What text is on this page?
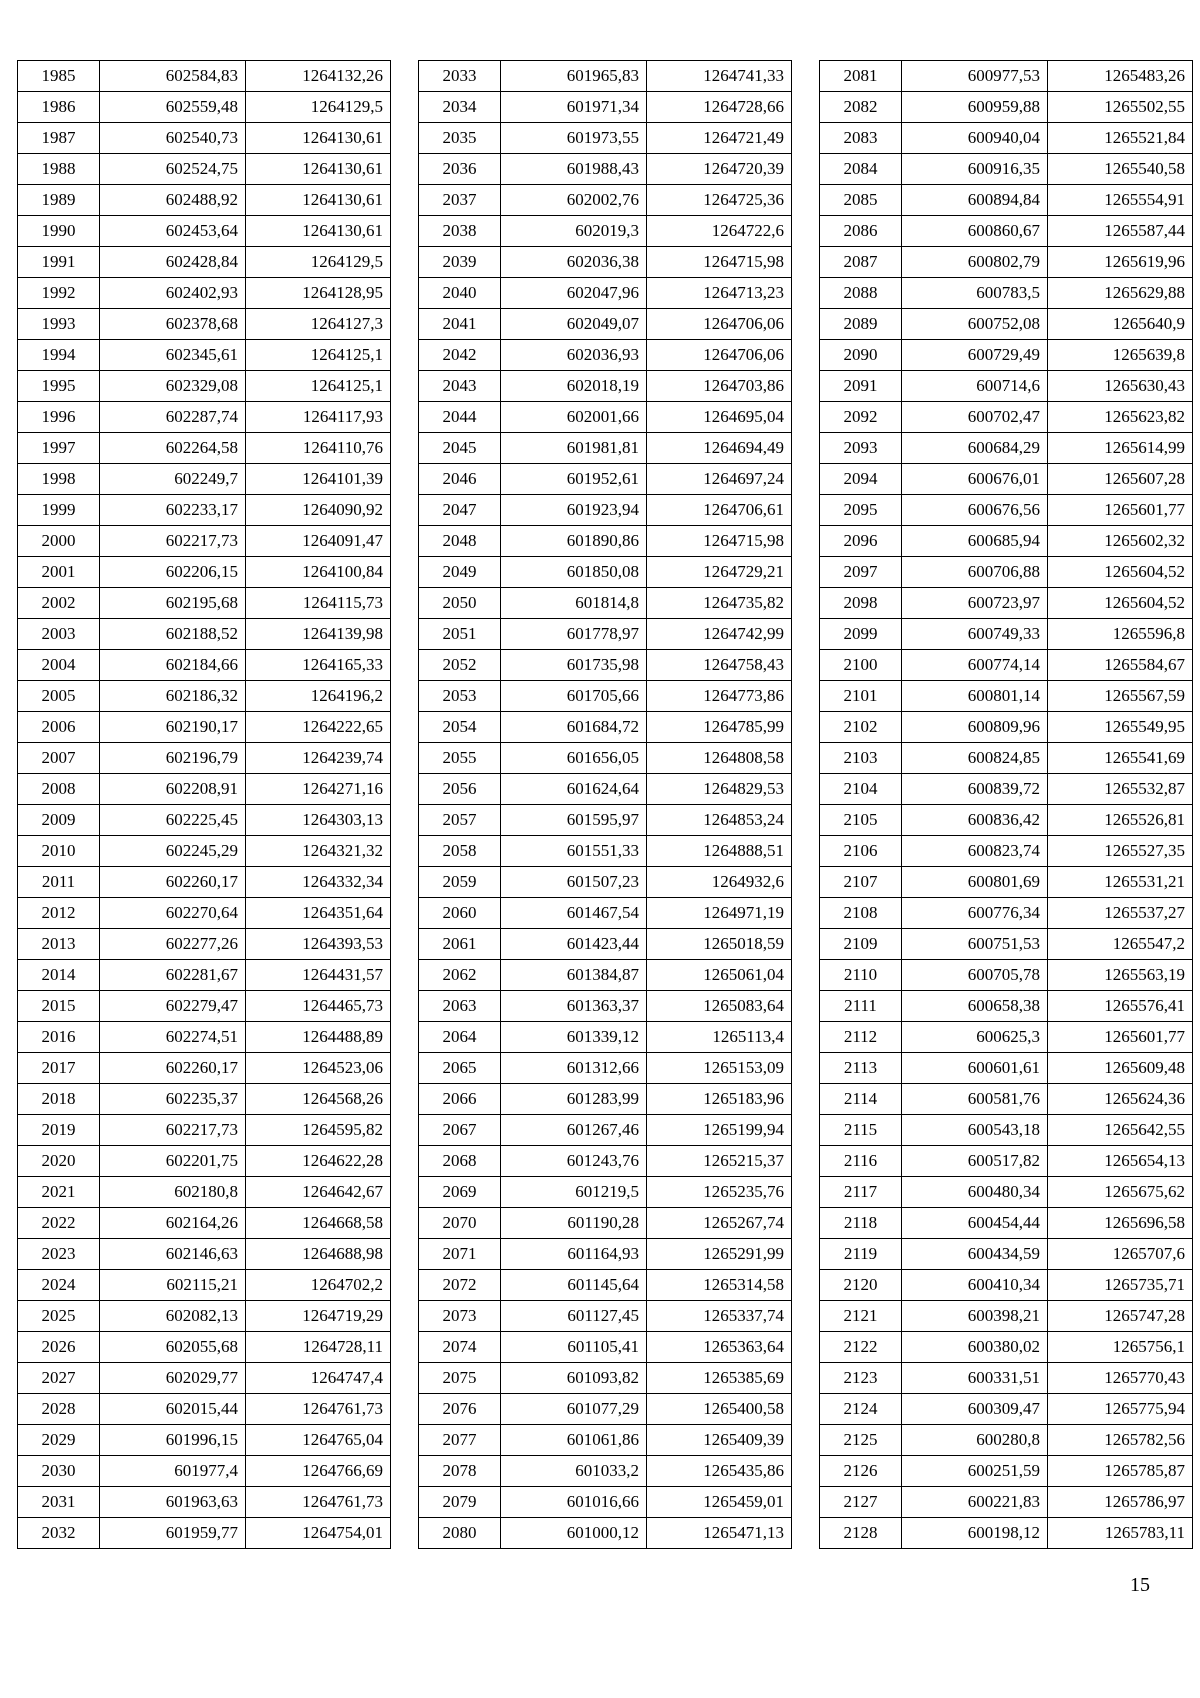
1985	602584,83	1264132,26
1986	602559,48	1264129,5
1987	602540,73	1264130,61
1988	602524,75	1264130,61
1989	602488,92	1264130,61
1990	602453,64	1264130,61
1991	602428,84	1264129,5
1992	602402,93	1264128,95
1993	602378,68	1264127,3
1994	602345,61	1264125,1
1995	602329,08	1264125,1
1996	602287,74	1264117,93
1997	602264,58	1264110,76
1998	602249,7	1264101,39
1999	602233,17	1264090,92
2000	602217,73	1264091,47
2001	602206,15	1264100,84
2002	602195,68	1264115,73
2003	602188,52	1264139,98
2004	602184,66	1264165,33
2005	602186,32	1264196,2
2006	602190,17	1264222,65
2007	602196,79	1264239,74
2008	602208,91	1264271,16
2009	602225,45	1264303,13
2010	602245,29	1264321,32
2011	602260,17	1264332,34
2012	602270,64	1264351,64
2013	602277,26	1264393,53
2014	602281,67	1264431,57
2015	602279,47	1264465,73
2016	602274,51	1264488,89
2017	602260,17	1264523,06
2018	602235,37	1264568,26
2019	602217,73	1264595,82
2020	602201,75	1264622,28
2021	602180,8	1264642,67
2022	602164,26	1264668,58
2023	602146,63	1264688,98
2024	602115,21	1264702,2
2025	602082,13	1264719,29
2026	602055,68	1264728,11
2027	602029,77	1264747,4
2028	602015,44	1264761,73
2029	601996,15	1264765,04
2030	601977,4	1264766,69
2031	601963,63	1264761,73
2032	601959,77	1264754,01
2033	601965,83	1264741,33
2034	601971,34	1264728,66
2035	601973,55	1264721,49
2036	601988,43	1264720,39
2037	602002,76	1264725,36
2038	602019,3	1264722,6
2039	602036,38	1264715,98
2040	602047,96	1264713,23
2041	602049,07	1264706,06
2042	602036,93	1264706,06
2043	602018,19	1264703,86
2044	602001,66	1264695,04
2045	601981,81	1264694,49
2046	601952,61	1264697,24
2047	601923,94	1264706,61
2048	601890,86	1264715,98
2049	601850,08	1264729,21
2050	601814,8	1264735,82
2051	601778,97	1264742,99
2052	601735,98	1264758,43
2053	601705,66	1264773,86
2054	601684,72	1264785,99
2055	601656,05	1264808,58
2056	601624,64	1264829,53
2057	601595,97	1264853,24
2058	601551,33	1264888,51
2059	601507,23	1264932,6
2060	601467,54	1264971,19
2061	601423,44	1265018,59
2062	601384,87	1265061,04
2063	601363,37	1265083,64
2064	601339,12	1265113,4
2065	601312,66	1265153,09
2066	601283,99	1265183,96
2067	601267,46	1265199,94
2068	601243,76	1265215,37
2069	601219,5	1265235,76
2070	601190,28	1265267,74
2071	601164,93	1265291,99
2072	601145,64	1265314,58
2073	601127,45	1265337,74
2074	601105,41	1265363,64
2075	601093,82	1265385,69
2076	601077,29	1265400,58
2077	601061,86	1265409,39
2078	601033,2	1265435,86
2079	601016,66	1265459,01
2080	601000,12	1265471,13
2081	600977,53	1265483,26
2082	600959,88	1265502,55
2083	600940,04	1265521,84
2084	600916,35	1265540,58
2085	600894,84	1265554,91
2086	600860,67	1265587,44
2087	600802,79	1265619,96
2088	600783,5	1265629,88
2089	600752,08	1265640,9
2090	600729,49	1265639,8
2091	600714,6	1265630,43
2092	600702,47	1265623,82
2093	600684,29	1265614,99
2094	600676,01	1265607,28
2095	600676,56	1265601,77
2096	600685,94	1265602,32
2097	600706,88	1265604,52
2098	600723,97	1265604,52
2099	600749,33	1265596,8
2100	600774,14	1265584,67
2101	600801,14	1265567,59
2102	600809,96	1265549,95
2103	600824,85	1265541,69
2104	600839,72	1265532,87
2105	600836,42	1265526,81
2106	600823,74	1265527,35
2107	600801,69	1265531,21
2108	600776,34	1265537,27
2109	600751,53	1265547,2
2110	600705,78	1265563,19
2111	600658,38	1265576,41
2112	600625,3	1265601,77
2113	600601,61	1265609,48
2114	600581,76	1265624,36
2115	600543,18	1265642,55
2116	600517,82	1265654,13
2117	600480,34	1265675,62
2118	600454,44	1265696,58
2119	600434,59	1265707,6
2120	600410,34	1265735,71
2121	600398,21	1265747,28
2122	600380,02	1265756,1
2123	600331,51	1265770,43
2124	600309,47	1265775,94
2125	600280,8	1265782,56
2126	600251,59	1265785,87
2127	600221,83	1265786,97
2128	600198,12	1265783,11
15
